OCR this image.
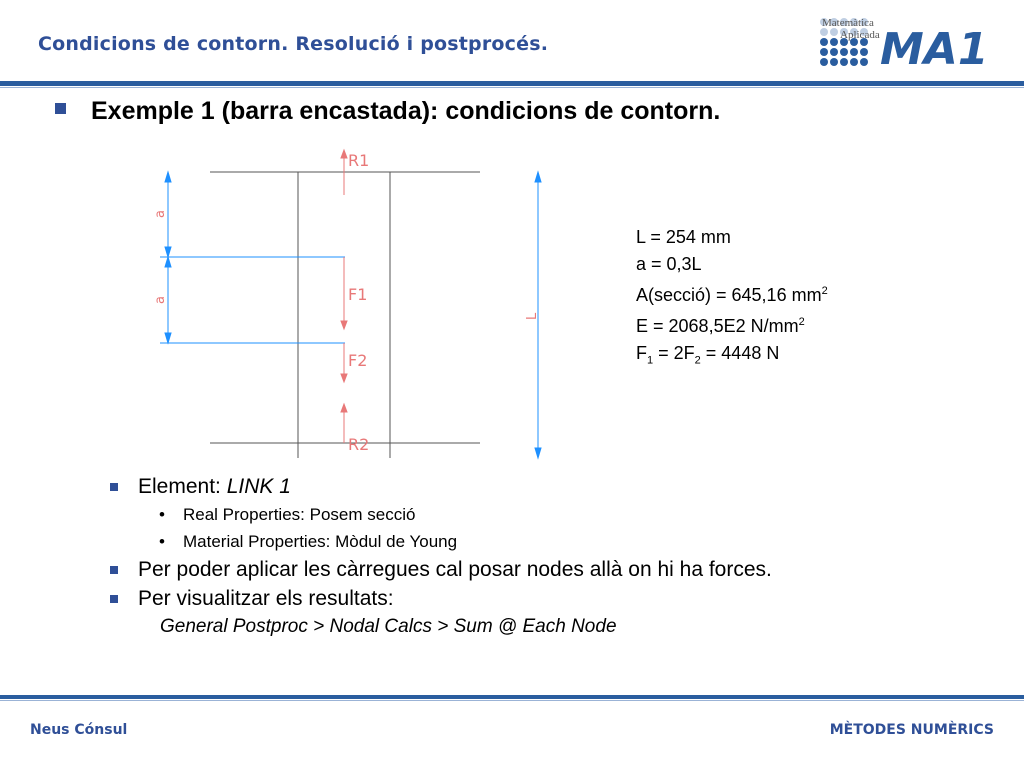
Condicions de contorn. Resolució i postprocés.	MA1
Matemàtica
Aplicada
Exemple 1 (barra encastada): condicions de contorn.
a
a
L
R1
F1
F2
R2
L = 254 mm
a = 0,3L
A(secció) = 645,16 $mm^2$
E = 2068,5E2 $N/mm^2$
$F_1 = 2F_2 = 4448$ N
Element: LINK 1
• Real Properties: Posem secció
• Material Properties: Mòdul de Young
Per poder aplicar les càrregues cal posar nodes allà on hi ha forces.
Per visualitzar els resultats:
General Postproc > Nodal Calcs > Sum @ Each Node
Neus Cónsul	MÈTODES NUMÈRICS
